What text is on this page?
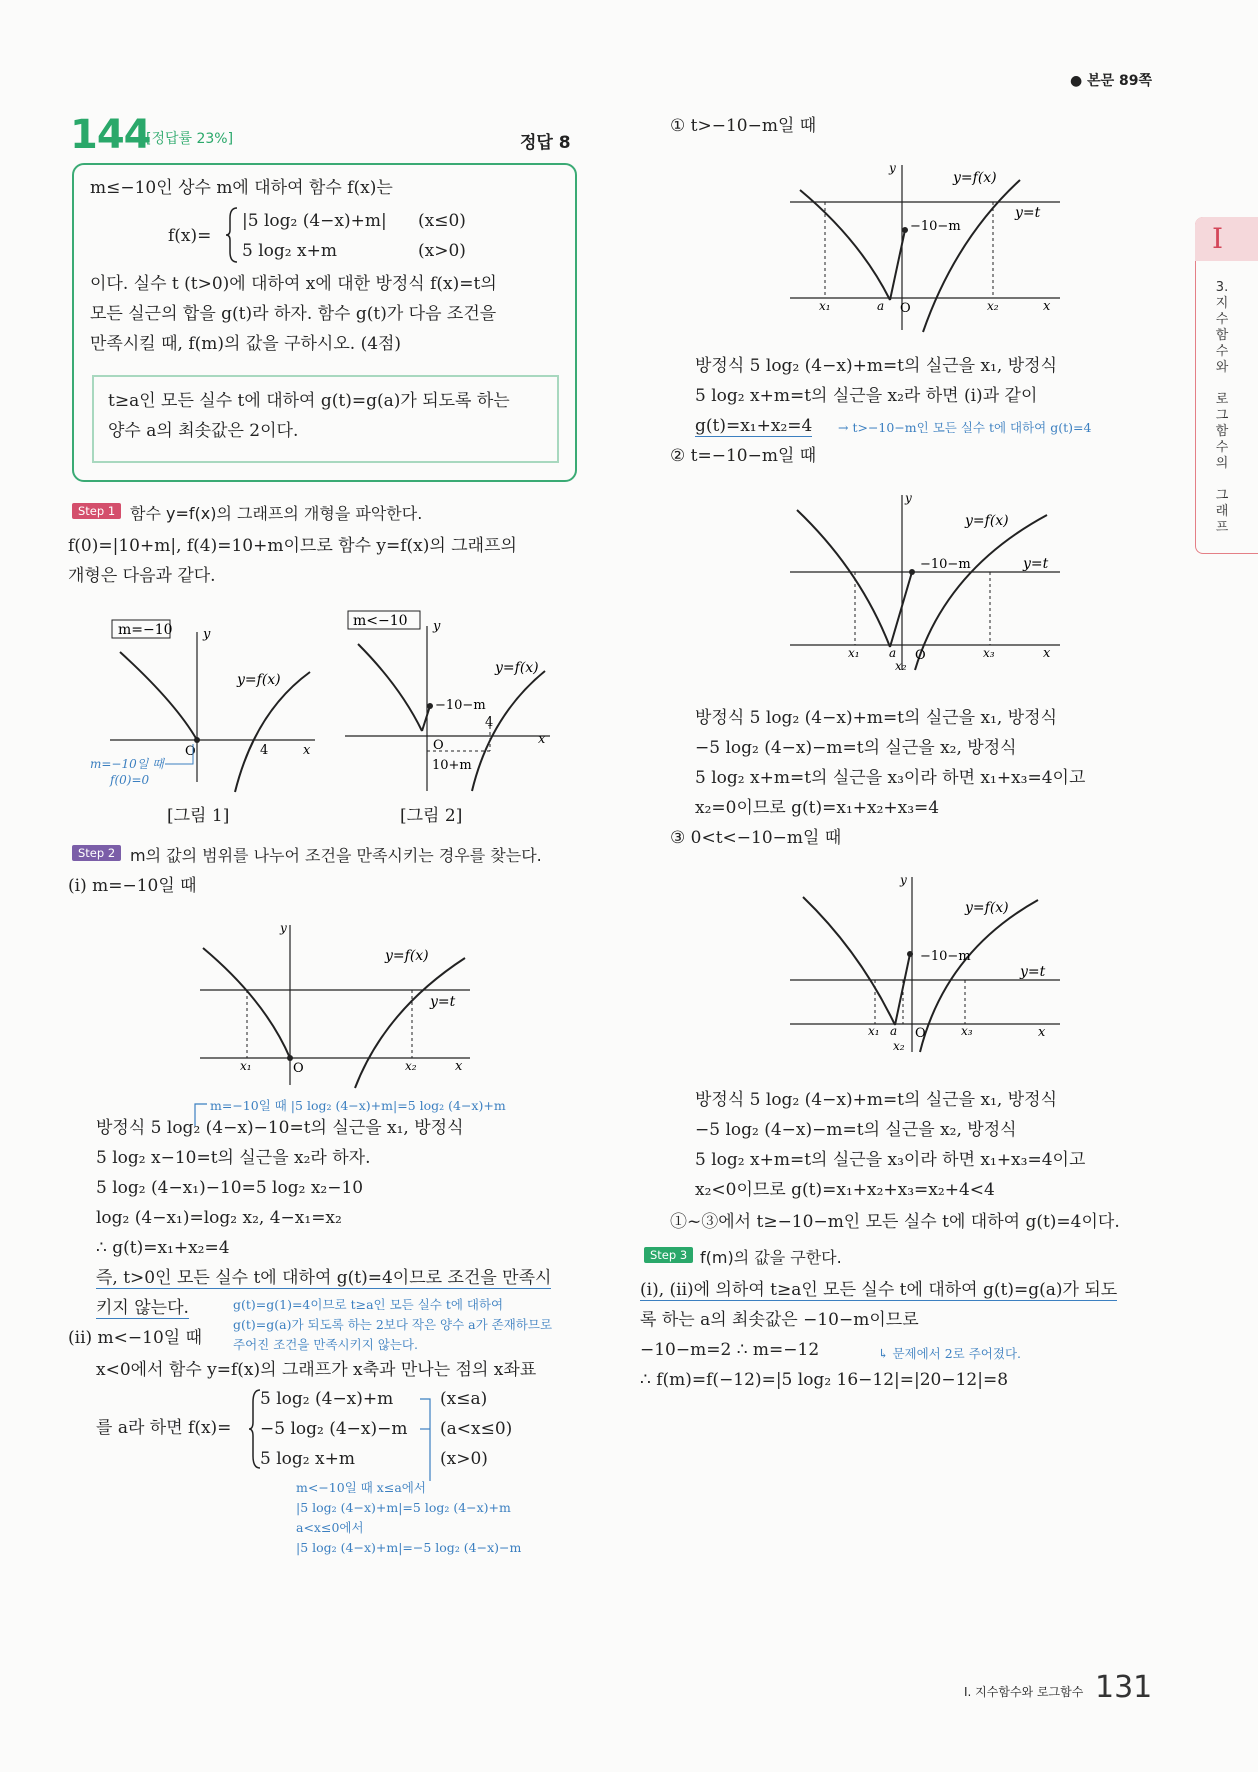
● 본문 89쪽
I
3.
지
수
함
수
와

로
그
함
수
의

그
래
프
144
[정답률 23%]	정답 8
m≤−10인 상수 m에 대하여 함수 f(x)는
f(x)=
|5 log₂ (4−x)+m| (x≤0)
5 log₂ x+m	(x>0)
이다. 실수 t (t>0)에 대하여 x에 대한 방정식 f(x)=t의
모든 실근의 합을 g(t)라 하자. 함수 g(t)가 다음 조건을
만족시킬 때, f(m)의 값을 구하시오. (4점)
t≥a인 모든 실수 t에 대하여 g(t)=g(a)가 되도록 하는
양수 a의 최솟값은 2이다.
Step 1 함수 y=f(x)의 그래프의 개형을 파악한다.
f(0)=|10+m|, f(4)=10+m이므로 함수 y=f(x)의 그래프의
개형은 다음과 같다.
m=−10 y
x
O	4
y=f(x)
m=−10일 때
f(0)=0
[그림 1]
m<−10 y
x
O
4
−10−m
10+m
y=f(x)
[그림 2]
Step 2 m의 값의 범위를 나누어 조건을 만족시키는 경우를 찾는다.
(i) m=−10일 때
y
x
O
x₁	x₂
y=f(x)
y=t
m=−10일 때 |5 log₂ (4−x)+m|=5 log₂ (4−x)+m
방정식 5 log₂ (4−x)−10=t의 실근을 x₁, 방정식
5 log₂ x−10=t의 실근을 x₂라 하자.
5 log₂ (4−x₁)−10=5 log₂ x₂−10
log₂ (4−x₁)=log₂ x₂, 4−x₁=x₂
∴ g(t)=x₁+x₂=4
즉, t>0인 모든 실수 t에 대하여 g(t)=4이므로 조건을 만족시
키지 않는다.	g(t)=g(1)=4이므로 t≥a인 모든 실수 t에 대하여
g(t)=g(a)가 되도록 하는 2보다 작은 양수 a가 존재하므로
주어진 조건을 만족시키지 않는다.
(ii) m<−10일 때
x<0에서 함수 y=f(x)의 그래프가 x축과 만나는 점의 x좌표
를 a라 하면 f(x)=
5 log₂ (4−x)+m	(x≤a)
−5 log₂ (4−x)−m (a<x≤0)
5 log₂ x+m	(x>0)
m<−10일 때 x≤a에서
|5 log₂ (4−x)+m|=5 log₂ (4−x)+m
a<x≤0에서
|5 log₂ (4−x)+m|=−5 log₂ (4−x)−m
① t>−10−m일 때
y
x
O
x₁	a	x₂
−10−m
y=f(x)
y=t
방정식 5 log₂ (4−x)+m=t의 실근을 x₁, 방정식
5 log₂ x+m=t의 실근을 x₂라 하면 (i)과 같이
g(t)=x₁+x₂=4 → t>−10−m인 모든 실수 t에 대하여 g(t)=4
② t=−10−m일 때
y
x
O
x₁ a
x₂
x₃
−10−m
y=f(x)
y=t
방정식 5 log₂ (4−x)+m=t의 실근을 x₁, 방정식
−5 log₂ (4−x)−m=t의 실근을 x₂, 방정식
5 log₂ x+m=t의 실근을 x₃이라 하면 x₁+x₃=4이고
x₂=0이므로 g(t)=x₁+x₂+x₃=4
③ 0<t<−10−m일 때
y
x
O
x₁ a
x₂
x₃
−10−m
y=f(x)
y=t
방정식 5 log₂ (4−x)+m=t의 실근을 x₁, 방정식
−5 log₂ (4−x)−m=t의 실근을 x₂, 방정식
5 log₂ x+m=t의 실근을 x₃이라 하면 x₁+x₃=4이고
x₂<0이므로 g(t)=x₁+x₂+x₃=x₂+4<4
①~③에서 t≥−10−m인 모든 실수 t에 대하여 g(t)=4이다.
Step 3 f(m)의 값을 구한다.
(i), (ii)에 의하여 t≥a인 모든 실수 t에 대하여 g(t)=g(a)가 되도
록 하는 a의 최솟값은 −10−m이므로
−10−m=2 ∴ m=−12	↳ 문제에서 2로 주어졌다.
∴ f(m)=f(−12)=|5 log₂ 16−12|=|20−12|=8
Ⅰ. 지수함수와 로그함수 131
